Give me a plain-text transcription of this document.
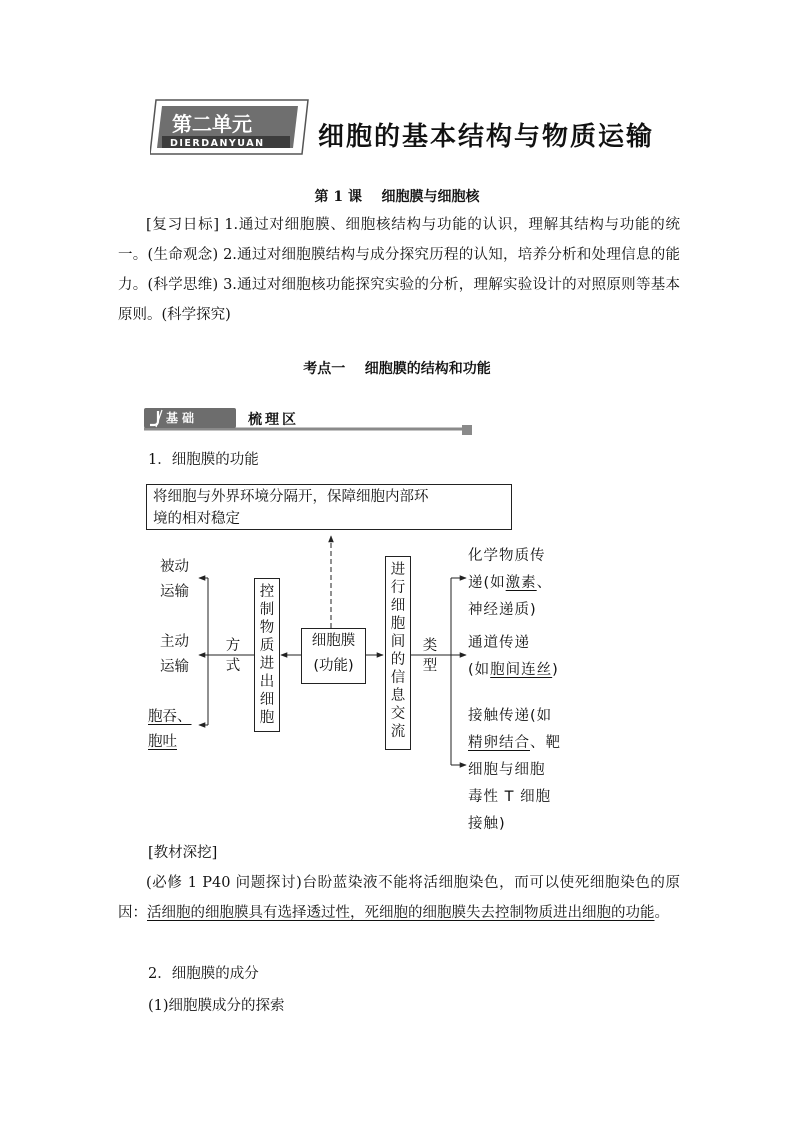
第二单元
DIERDANYUAN 细胞的基本结构与物质运输
第 1 课    细胞膜与细胞核
[复习日标] 1.通过对细胞膜、细胞核结构与功能的认识，理解其结构与功能的统一。(生命观念) 2.通过对细胞膜结构与成分探究历程的认知，培养分析和处理信息的能力。(科学思维) 3.通过对细胞核功能探究实验的分析，理解实验设计的对照原则等基本原则。(科学探究)
考点一    细胞膜的结构和功能
基础	梳理区
1．细胞膜的功能
将细胞与外界环境分隔开，保障细胞内部环
境的相对稳定
细胞膜
(功能)
控
制
物
质
进
出
细
胞
进
行
细
胞
间
的
信
息
交
流
方
式
类
型
被动
运输
主动
运输
胞吞、
胞吐
化学物质传
递(如激素、
神经递质)
通道传递
(如胞间连丝)
接触传递(如
精卵结合、靶
细胞与细胞
毒性 T 细胞
接触)
[教材深挖]
(必修 1 P40 问题探讨)台盼蓝染液不能将活细胞染色，而可以使死细胞染色的原因：活细胞的细胞膜具有选择透过性，死细胞的细胞膜失去控制物质进出细胞的功能。
2．细胞膜的成分
(1)细胞膜成分的探索
